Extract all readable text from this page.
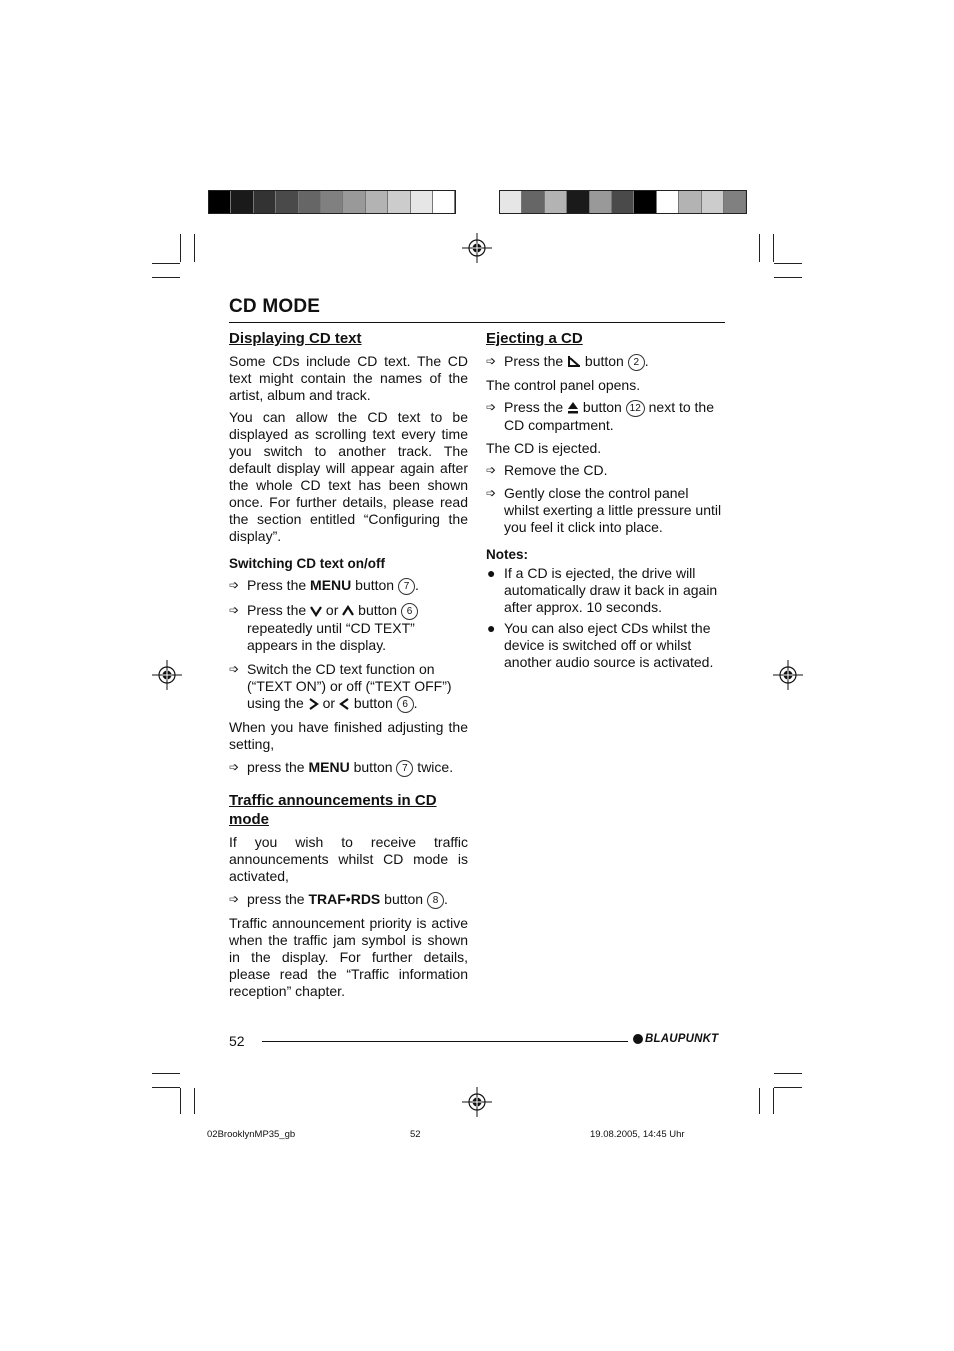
CD MODE
Displaying CD text

Some CDs include CD text. The CD text might contain the names of the artist, album and track.

You can allow the CD text to be displayed as scrolling text every time you switch to another track. The default display will appear again after the whole CD text has been shown once. For further details, please read the section entitled “Configuring the display”.

Switching CD text on/off
➩ Press the MENU button 7 .
➩ Press the  or  button 6 repeatedly until “CD TEXT” appears in the display.
➩ Switch the CD text function on (“TEXT ON”) or off (“TEXT OFF”) using the  or  button 6 .

When you have finished adjusting the setting,

➩ press the MENU button 7 twice.
Traffic announcements in CD mode

If you wish to receive traffic announcements whilst CD mode is activated,

➩ press the TRAF•RDS button 8 .

Traffic announcement priority is active when the traffic jam symbol is shown in the display. For further details, please read the “Traffic information reception” chapter.

Ejecting a CD
➩ Press the  button 2 .

The control panel opens.

➩ Press the  button 12 next to the CD compartment.

The CD is ejected.

➩ Remove the CD.
➩ Gently close the control panel whilst exerting a little pressure until you feel it click into place.
Notes:
● If a CD is ejected, the drive will automatically draw it back in again after approx. 10 seconds.
● You can also eject CDs whilst the device is switched off or whilst another audio source is activated.
52	BLAUPUNKT
02BrooklynMP35_gb	52	19.08.2005, 14:45 Uhr
